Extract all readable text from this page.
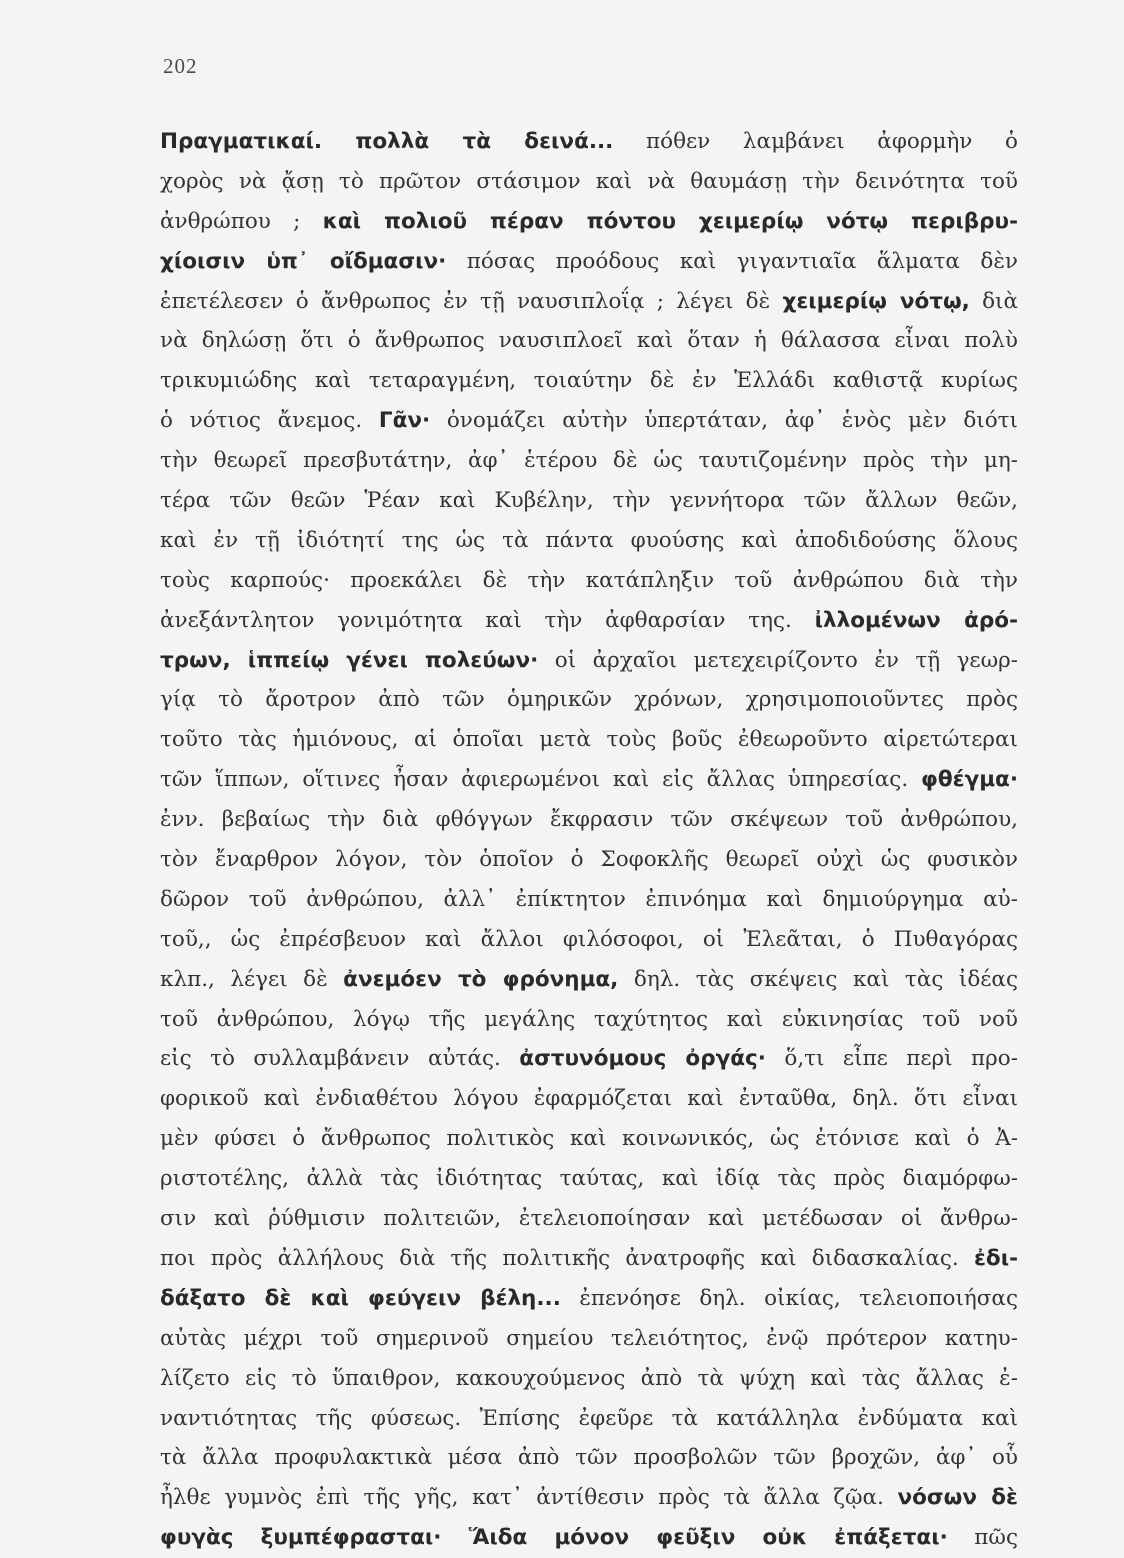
202
Πραγματικαί. πολλὰ τὰ δεινά... πόθεν λαμβάνει ἀφορμὴν ὁ
χορὸς νὰ ᾄσῃ τὸ πρῶτον στάσιμον καὶ νὰ θαυμάσῃ τὴν δεινότητα τοῦ
ἀνθρώπου ; καὶ πολιοῦ πέραν πόντου χειμερίῳ νότῳ περιβρυ-
χίοισιν ὑπ᾿ οἴδμασιν· πόσας προόδους καὶ γιγαντιαῖα ἅλματα δὲν
ἐπετέλεσεν ὁ ἄνθρωπος ἐν τῇ ναυσιπλοΐᾳ ; λέγει δὲ χειμερίῳ νότῳ, διὰ
νὰ δηλώσῃ ὅτι ὁ ἄνθρωπος ναυσιπλοεῖ καὶ ὅταν ἡ θάλασσα εἶναι πολὺ
τρικυμιώδης καὶ τεταραγμένη, τοιαύτην δὲ ἐν Ἑλλάδι καθιστᾷ κυρίως
ὁ νότιος ἄνεμος. Γᾶν· ὀνομάζει αὐτὴν ὑπερτάταν, ἀφ᾿ ἑνὸς μὲν διότι
τὴν θεωρεῖ πρεσβυτάτην, ἀφ᾿ ἑτέρου δὲ ὡς ταυτιζομένην πρὸς τὴν μη-
τέρα τῶν θεῶν Ῥέαν καὶ Κυβέλην, τὴν γεννήτορα τῶν ἄλλων θεῶν,
καὶ ἐν τῇ ἰδιότητί της ὡς τὰ πάντα φυούσης καὶ ἀποδιδούσης ὅλους
τοὺς καρπούς· προεκάλει δὲ τὴν κατάπληξιν τοῦ ἀνθρώπου διὰ τὴν
ἀνεξάντλητον γονιμότητα καὶ τὴν ἀφθαρσίαν της. ἰλλομένων ἀρό-
τρων, ἱππείῳ γένει πολεύων· οἱ ἀρχαῖοι μετεχειρίζοντο ἐν τῇ γεωρ-
γίᾳ τὸ ἄροτρον ἀπὸ τῶν ὁμηρικῶν χρόνων, χρησιμοποιοῦντες πρὸς
τοῦτο τὰς ἡμιόνους, αἱ ὁποῖαι μετὰ τοὺς βοῦς ἐθεωροῦντο αἱρετώτεραι
τῶν ἵππων, οἵτινες ἦσαν ἀφιερωμένοι καὶ εἰς ἄλλας ὑπηρεσίας. φθέγμα·
ἐνν. βεβαίως τὴν διὰ φθόγγων ἔκφρασιν τῶν σκέψεων τοῦ ἀνθρώπου,
τὸν ἔναρθρον λόγον, τὸν ὁποῖον ὁ Σοφοκλῆς θεωρεῖ οὐχὶ ὡς φυσικὸν
δῶρον τοῦ ἀνθρώπου, ἀλλ᾿ ἐπίκτητον ἐπινόημα καὶ δημιούργημα αὐ-
τοῦ,, ὡς ἐπρέσβευον καὶ ἄλλοι φιλόσοφοι, οἱ Ἐλεᾶται, ὁ Πυθαγόρας
κλπ., λέγει δὲ ἀνεμόεν τὸ φρόνημα, δηλ. τὰς σκέψεις καὶ τὰς ἰδέας
τοῦ ἀνθρώπου, λόγῳ τῆς μεγάλης ταχύτητος καὶ εὐκινησίας τοῦ νοῦ
εἰς τὸ συλλαμβάνειν αὐτάς. ἀστυνόμους ὀργάς· ὅ,τι εἶπε περὶ προ-
φορικοῦ καὶ ἐνδιαθέτου λόγου ἐφαρμόζεται καὶ ἐνταῦθα, δηλ. ὅτι εἶναι
μὲν φύσει ὁ ἄνθρωπος πολιτικὸς καὶ κοινωνικός, ὡς ἐτόνισε καὶ ὁ Ἀ-
ριστοτέλης, ἀλλὰ τὰς ἰδιότητας ταύτας, καὶ ἰδίᾳ τὰς πρὸς διαμόρφω-
σιν καὶ ῥύθμισιν πολιτειῶν, ἐτελειοποίησαν καὶ μετέδωσαν οἱ ἄνθρω-
ποι πρὸς ἀλλήλους διὰ τῆς πολιτικῆς ἀνατροφῆς καὶ διδασκαλίας. ἐδι-
δάξατο δὲ καὶ φεύγειν βέλη... ἐπενόησε δηλ. οἰκίας, τελειοποιήσας
αὐτὰς μέχρι τοῦ σημερινοῦ σημείου τελειότητος, ἐνῷ πρότερον κατηυ-
λίζετο εἰς τὸ ὕπαιθρον, κακουχούμενος ἀπὸ τὰ ψύχη καὶ τὰς ἄλλας ἐ-
ναντιότητας τῆς φύσεως. Ἐπίσης ἐφεῦρε τὰ κατάλληλα ἐνδύματα καὶ
τὰ ἄλλα προφυλακτικὰ μέσα ἀπὸ τῶν προσβολῶν τῶν βροχῶν, ἀφ᾿ οὗ
ἦλθε γυμνὸς ἐπὶ τῆς γῆς, κατ᾿ ἀντίθεσιν πρὸς τὰ ἄλλα ζῷα. νόσων δὲ
φυγὰς ξυμπέφρασται· Ἅιδα μόνον φεῦξιν οὐκ ἐπάξεται· πῶς
